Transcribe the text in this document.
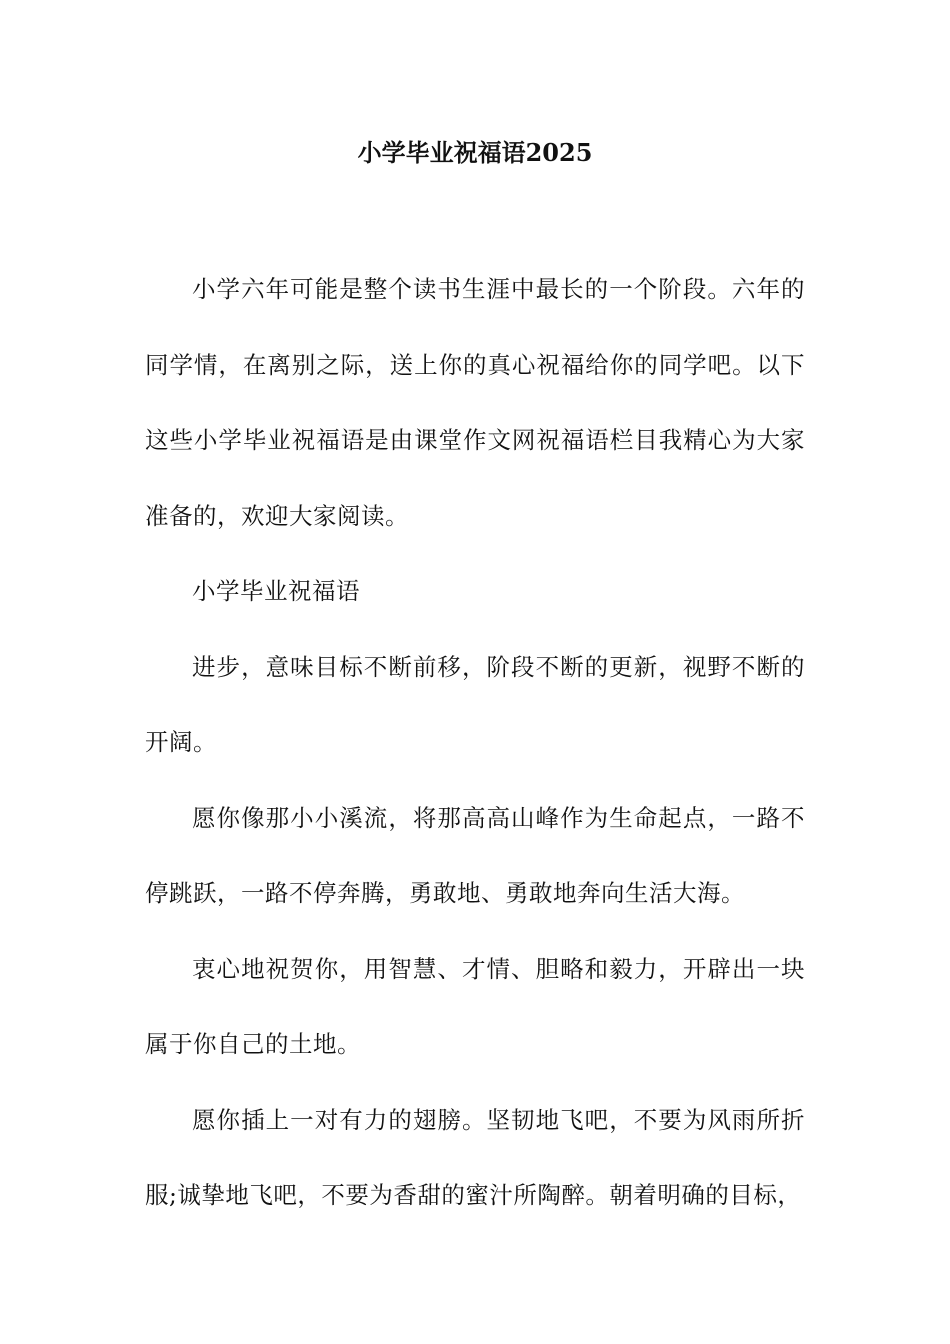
小学毕业祝福语2025

小学六年可能是整个读书生涯中最长的一个阶段。六年的同学情，在离别之际，送上你的真心祝福给你的同学吧。以下这些小学毕业祝福语是由课堂作文网祝福语栏目我精心为大家准备的，欢迎大家阅读。

小学毕业祝福语

进步，意味目标不断前移，阶段不断的更新，视野不断的开阔。

愿你像那小小溪流，将那高高山峰作为生命起点，一路不停跳跃，一路不停奔腾，勇敢地、勇敢地奔向生活大海。

衷心地祝贺你，用智慧、才情、胆略和毅力，开辟出一块属于你自己的土地。

愿你插上一对有力的翅膀。坚韧地飞吧，不要为风雨所折服;诚挚地飞吧，不要为香甜的蜜汁所陶醉。朝着明确的目标，
